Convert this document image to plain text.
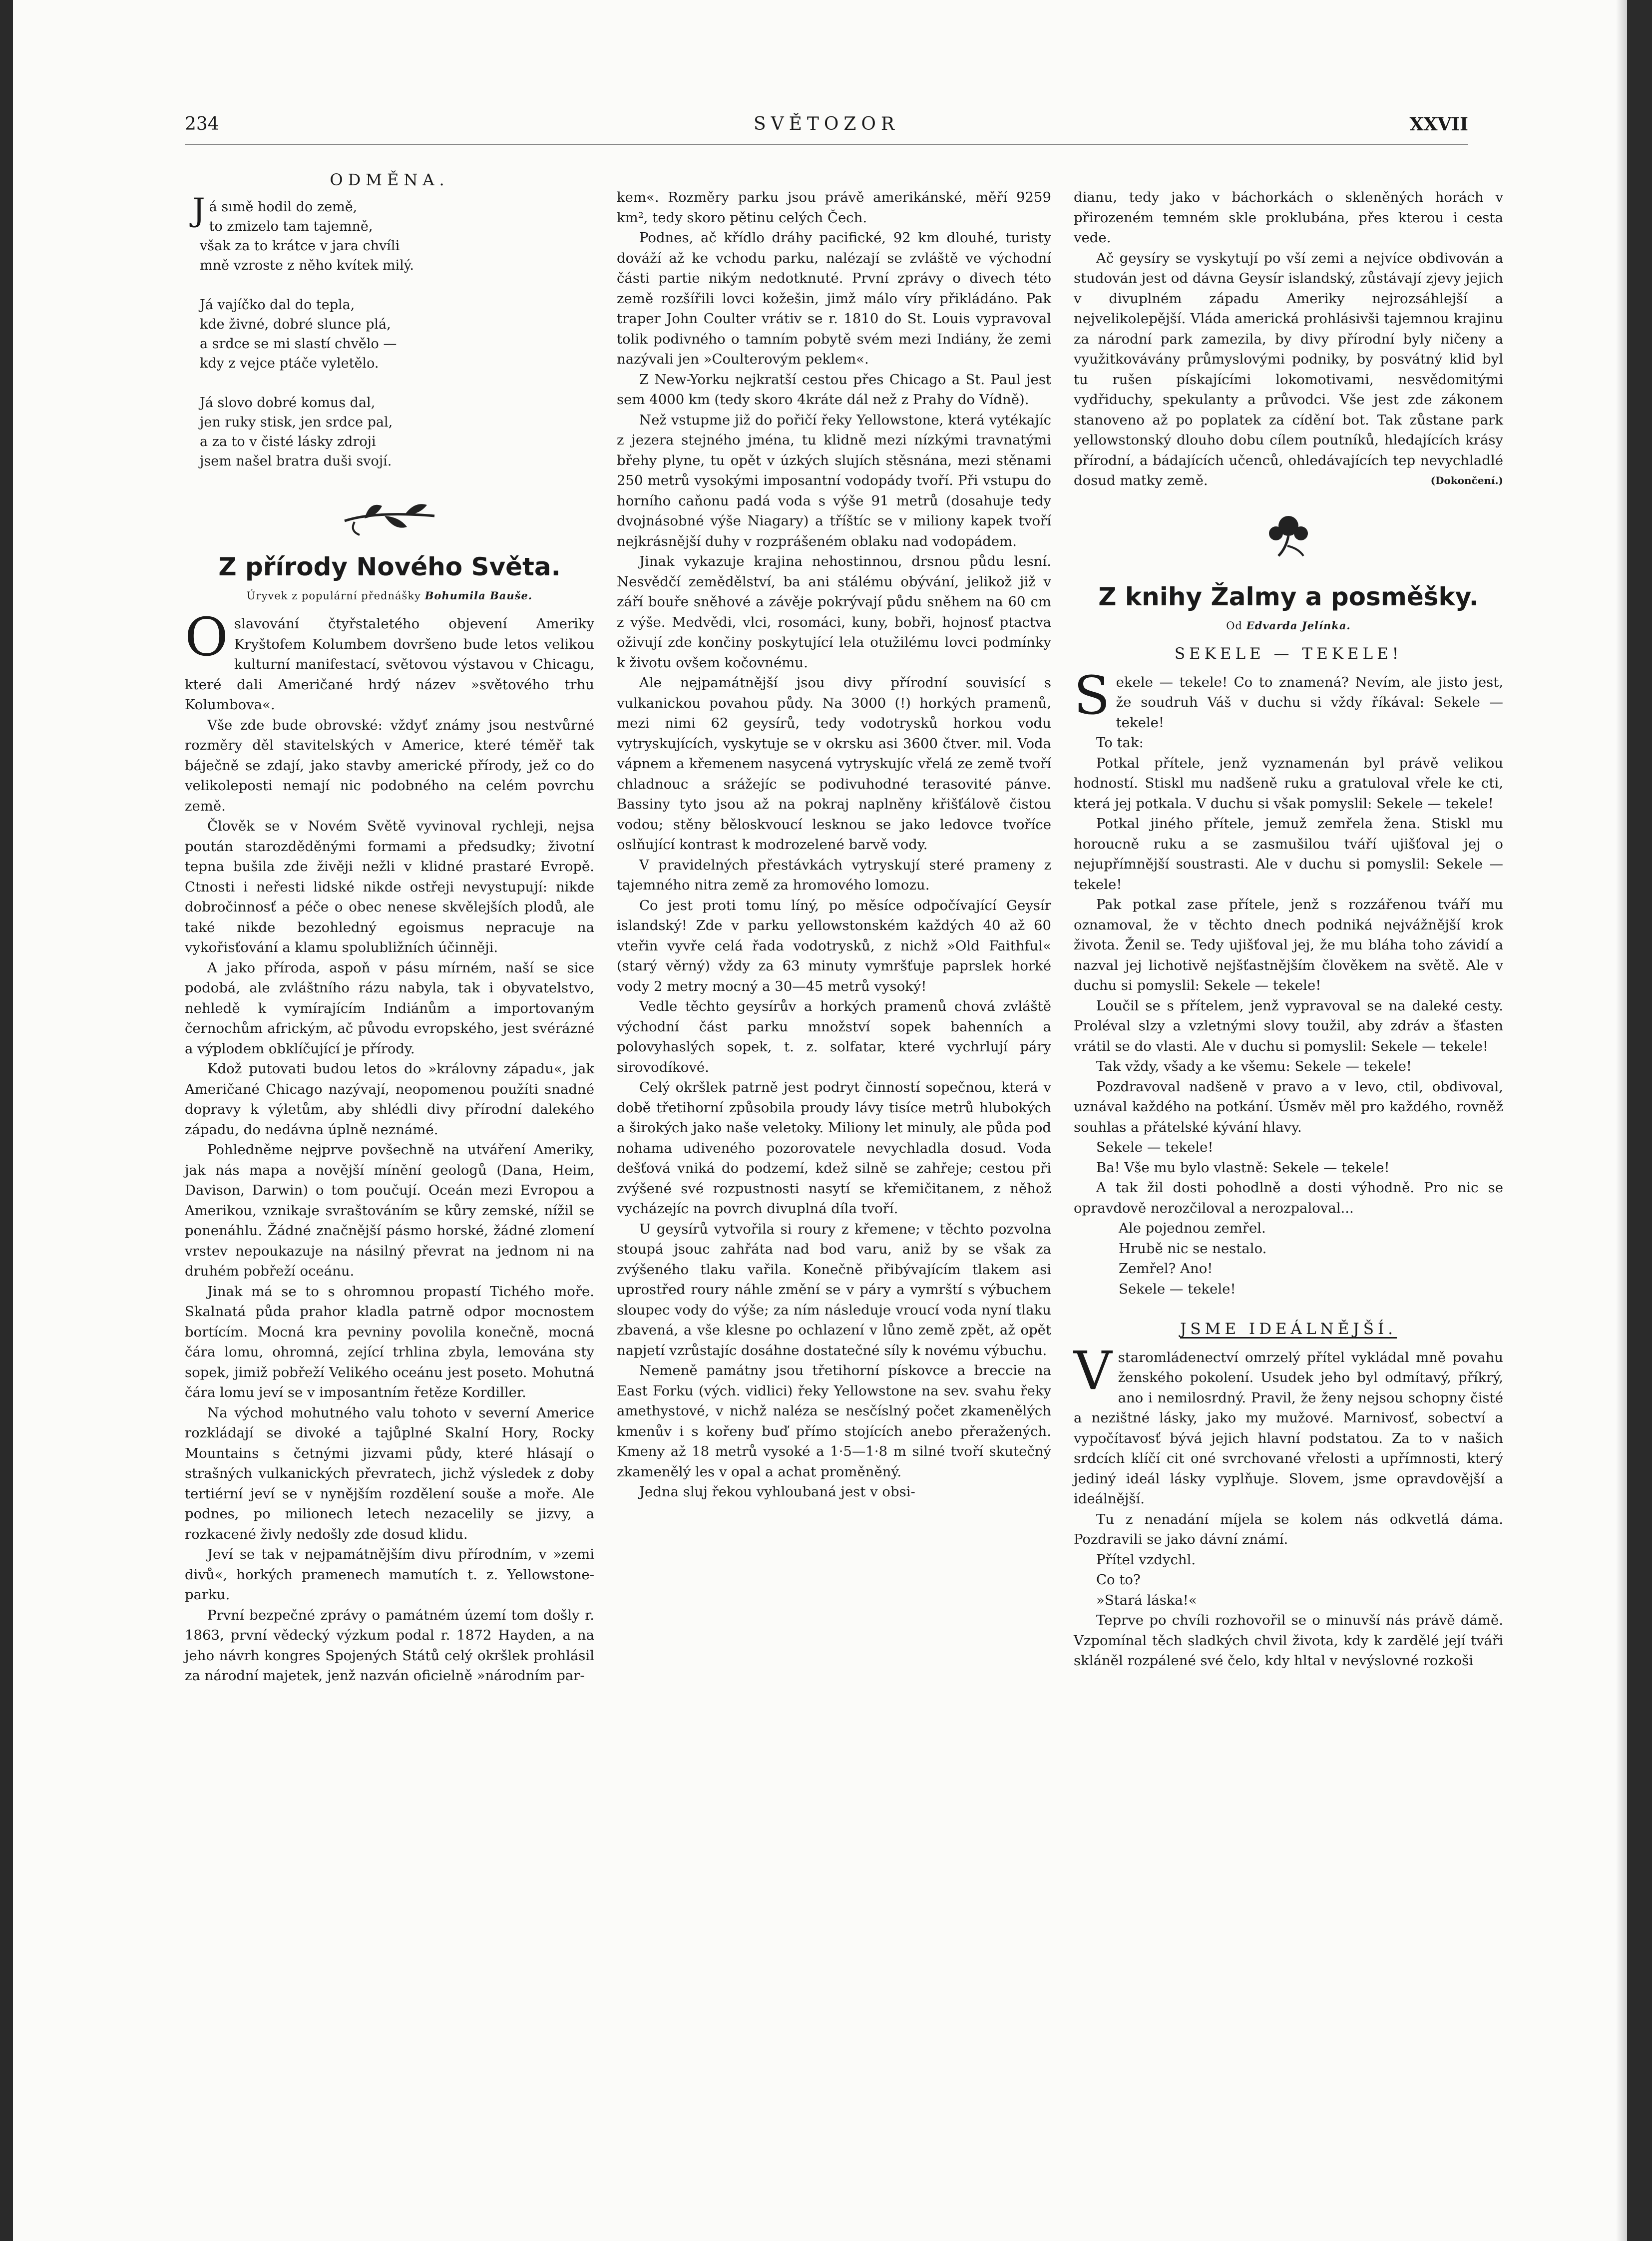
234	SVĚTOZOR	XXVII
ODMĚNA.
Já sımě hodil do země,
to zmizelo tam tajemně,
však za to krátce v jara chvíli
mně vzroste z něho kvítek milý.
Já vajíčko dal do tepla,
kde živné, dobré slunce plá,
a srdce se mi slastí chvělo —
kdy z vejce ptáče vyletělo.
Já slovo dobré komus dal,
jen ruky stisk, jen srdce pal,
a za to v čisté lásky zdroji
jsem našel bratra duši svojí.
Z přírody Nového Světa.
Úryvek z populární přednášky Bohumila Bauše.

Oslavování čtyřstaletého objevení Ameriky Kryštofem Kolumbem dovršeno bude letos velikou kulturní manifestací, světovou výstavou v Chicagu, které dali Američané hrdý název »světového trhu Kolumbova«.

Vše zde bude obrovské: vždyť známy jsou nestvůrné rozměry děl stavitelských v Americe, které téměř tak báječně se zdají, jako stavby americké přírody, jež co do velikoleposti nemají nic podobného na celém povrchu země.

Člověk se v Novém Světě vyvinoval rychleji, nejsa poután starozděděnými formami a předsudky; životní tepna bušila zde živěji nežli v klidné prastaré Evropě. Ctnosti i neřesti lidské nikde ostřeji nevystupují: nikde dobročinnosť a péče o obec nenese skvělejších plodů, ale také nikde bezohledný egoismus nepracuje na vykořisťování a klamu spolubližních účinněji.

A jako příroda, aspoň v pásu mírném, naší se sice podobá, ale zvláštního rázu nabyla, tak i obyvatelstvo, nehledě k vymírajícím Indiánům a importovaným černochům africkým, ač původu evropského, jest svérázné a výplodem obklíčující je přírody.

Kdož putovati budou letos do »královny západu«, jak Američané Chicago nazývají, neopomenou použíti snadné dopravy k výletům, aby shlédli divy přírodní dalekého západu, do nedávna úplně neznámé.

Pohledněme nejprve povšechně na utváření Ameriky, jak nás mapa a novější mínění geologů (Dana, Heim, Davison, Darwin) o tom poučují. Oceán mezi Evropou a Amerikou, vznikaje svraštováním se kůry zemské, nížil se ponenáhlu. Žádné značnější pásmo horské, žádné zlomení vrstev nepoukazuje na násilný převrat na jednom ni na druhém pobřeží oceánu.

Jinak má se to s ohromnou propastí Tichého moře. Skalnatá půda prahor kladla patrně odpor mocnostem bortícím. Mocná kra pevniny povolila konečně, mocná čára lomu, ohromná, zející trhlina zbyla, lemována sty sopek, jimiž pobřeží Velikého oceánu jest poseto. Mohutná čára lomu jeví se v imposantním řetěze Kordiller.

Na východ mohutného valu tohoto v severní Americe rozkládají se divoké a tajůplné Skalní Hory, Rocky Mountains s četnými jizvami půdy, které hlásají o strašných vulkanických převratech, jichž výsledek z doby tertiérní jeví se v nynějším rozdělení souše a moře. Ale podnes, po milionech letech nezacelily se jizvy, a rozkacené živly nedošly zde dosud klidu.

Jeví se tak v nejpamátnějším divu přírodním, v »zemi divů«, horkých pramenech mamutích t. z. Yellowstone-parku.

První bezpečné zprávy o památném území tom došly r. 1863, první vědecký výzkum podal r. 1872 Hayden, a na jeho návrh kongres Spojených Států celý okršlek prohlásil za národní majetek, jenž nazván oficielně »národním par-

kem«. Rozměry parku jsou právě amerikánské, měří 9259 km², tedy skoro pětinu celých Čech.

Podnes, ač křídlo dráhy pacifické, 92 km dlouhé, turisty dováží až ke vchodu parku, nalézají se zvláště ve východní části partie nikým nedotknuté. První zprávy o divech této země rozšířili lovci kožešin, jimž málo víry přikládáno. Pak traper John Coulter vrátiv se r. 1810 do St. Louis vypravoval tolik podivného o tamním pobytě svém mezi Indiány, že zemi nazývali jen »Coulterovým peklem«.

Z New-Yorku nejkratší cestou přes Chicago a St. Paul jest sem 4000 km (tedy skoro 4kráte dál než z Prahy do Vídně).

Než vstupme již do pořičí řeky Yellowstone, která vytékajíc z jezera stejného jména, tu klidně mezi nízkými travnatými břehy plyne, tu opět v úzkých slujích stěsnána, mezi stěnami 250 metrů vysokými imposantní vodopády tvoří. Při vstupu do horního caňonu padá voda s výše 91 metrů (dosahuje tedy dvojnásobné výše Niagary) a tříštíc se v miliony kapek tvoří nejkrásnější duhy v rozprášeném oblaku nad vodopádem.

Jinak vykazuje krajina nehostinnou, drsnou půdu lesní. Nesvědčí zemědělství, ba ani stálému obývání, jelikož již v září bouře sněhové a závěje pokrývají půdu sněhem na 60 cm z výše. Medvědi, vlci, rosomáci, kuny, bobři, hojnosť ptactva oživují zde končiny poskytující lela otužilému lovci podmínky k životu ovšem kočovnému.

Ale nejpamátnější jsou divy přírodní souvisící s vulkanickou povahou půdy. Na 3000 (!) horkých pramenů, mezi nimi 62 geysírů, tedy vodotrysků horkou vodu vytryskujících, vyskytuje se v okrsku asi 3600 čtver. mil. Voda vápnem a křemenem nasycená vytryskujíc vřelá ze země tvoří chladnouc a srážejíc se podivuhodné terasovité pánve. Bassiny tyto jsou až na pokraj naplněny křišťálově čistou vodou; stěny běloskvoucí lesknou se jako ledovce tvoříce oslňující kontrast k modrozelené barvě vody.

V pravidelných přestávkách vytryskují steré prameny z tajemného nitra země za hromového lomozu.

Co jest proti tomu líný, po měsíce odpočívající Geysír islandský! Zde v parku yellowstonském každých 40 až 60 vteřin vyvře celá řada vodotrysků, z nichž »Old Faithful« (starý věrný) vždy za 63 minuty vymršťuje paprslek horké vody 2 metry mocný a 30—45 metrů vysoký!

Vedle těchto geysírův a horkých pramenů chová zvláště východní část parku množství sopek bahenních a polovyhaslých sopek, t. z. solfatar, které vychrlují páry sirovodíkové.

Celý okršlek patrně jest podryt činností sopečnou, která v době třetihorní způsobila proudy lávy tisíce metrů hlubokých a širokých jako naše veletoky. Miliony let minuly, ale půda pod nohama udiveného pozorovatele nevychladla dosud. Voda dešťová vniká do podzemí, kdež silně se zahřeje; cestou při zvýšené své rozpustnosti nasytí se křemičitanem, z něhož vycházejíc na povrch divuplná díla tvoří.

U geysírů vytvořila si roury z křemene; v těchto pozvolna stoupá jsouc zahřáta nad bod varu, aniž by se však za zvýšeného tlaku vařila. Konečně přibývajícím tlakem asi uprostřed roury náhle změní se v páry a vymrští s výbuchem sloupec vody do výše; za ním následuje vroucí voda nyní tlaku zbavená, a vše klesne po ochlazení v lůno země zpět, až opět napjetí vzrůstajíc dosáhne dostatečné síly k novému výbuchu.

Nemeně památny jsou třetihorní pískovce a breccie na East Forku (vých. vidlici) řeky Yellowstone na sev. svahu řeky amethystové, v nichž naléza se nesčíslný počet zkamenělých kmenův i s kořeny buď přímo stojících anebo přeražených. Kmeny až 18 metrů vysoké a 1·5—1·8 m silné tvoří skutečný zkamenělý les v opal a achat proměněný.

Jedna sluj řekou vyhloubaná jest v obsi-

dianu, tedy jako v báchorkách o skleněných horách v přirozeném temném skle proklubána, přes kterou i cesta vede.

Ač geysíry se vyskytují po vší zemi a nejvíce obdivován a studován jest od dávna Geysír islandský, zůstávají zjevy jejich v divuplném západu Ameriky nejrozsáhlejší a nejvelikolepější. Vláda americká prohlásivši tajemnou krajinu za národní park zamezila, by divy přírodní byly ničeny a využitkovávány průmyslovými podniky, by posvátný klid byl tu rušen pískajícími lokomotivami, nesvědomitými vydřiduchy, spekulanty a průvodci. Vše jest zde zákonem stanoveno až po poplatek za cídění bot. Tak zůstane park yellowstonský dlouho dobu cílem poutníků, hledajících krásy přírodní, a bádajících učenců, ohledávajících tep nevychladlé dosud matky země.	(Dokončení.)

Z knihy Žalmy a posměšky.
Od Edvarda Jelínka.
SEKELE — TEKELE!

Sekele — tekele! Co to znamená? Nevím, ale jisto jest, že soudruh Váš v duchu si vždy říkával: Sekele — tekele!

To tak:

Potkal přítele, jenž vyznamenán byl právě velikou hodností. Stiskl mu nadšeně ruku a gratuloval vřele ke cti, která jej potkala. V duchu si však pomyslil: Sekele — tekele!

Potkal jiného přítele, jemuž zemřela žena. Stiskl mu horoucně ruku a se zasmušilou tváří ujišťoval jej o nejupřímnější soustrasti. Ale v duchu si pomyslil: Sekele — tekele!

Pak potkal zase přítele, jenž s rozzářenou tváří mu oznamoval, že v těchto dnech podniká nejvážnější krok života. Ženil se. Tedy ujišťoval jej, že mu bláha toho závidí a nazval jej lichotivě nejšťastnějším člověkem na světě. Ale v duchu si pomyslil: Sekele — tekele!

Loučil se s přítelem, jenž vypravoval se na daleké cesty. Proléval slzy a vzletnými slovy toužil, aby zdráv a šťasten vrátil se do vlasti. Ale v duchu si pomyslil: Sekele — tekele!

Tak vždy, všady a ke všemu: Sekele — tekele!

Pozdravoval nadšeně v pravo a v levo, ctil, obdivoval, uznával každého na potkání. Úsměv měl pro každého, rovněž souhlas a přátelské kývání hlavy.

Sekele — tekele!

Ba! Vše mu bylo vlastně: Sekele — tekele!

A tak žil dosti pohodlně a dosti výhodně. Pro nic se opravdově nerozčiloval a nerozpaloval...

Ale pojednou zemřel.

Hrubě nic se nestalo.

Zemřel? Ano!

Sekele — tekele!

JSME IDEÁLNĚJŠÍ.

Vstaromládenectví omrzelý přítel vykládal mně povahu ženského pokolení. Usudek jeho byl odmítavý, příkrý, ano i nemilosrdný. Pravil, že ženy nejsou schopny čisté a nezištné lásky, jako my mužové. Marnivosť, sobectví a vypočítavosť bývá jejich hlavní podstatou. Za to v našich srdcích klíčí cit oné svrchované vřelosti a upřímnosti, který jediný ideál lásky vyplňuje. Slovem, jsme opravdovější a ideálnější.

Tu z nenadání míjela se kolem nás odkvetlá dáma. Pozdravili se jako dávní známí.

Přítel vzdychl.

Co to?

»Stará láska!«

Teprve po chvíli rozhovořil se o minuvší nás právě dámě. Vzpomínal těch sladkých chvil života, kdy k zardělé její tváři skláněl rozpálené své čelo, kdy hltal v nevýslovné rozkoši
